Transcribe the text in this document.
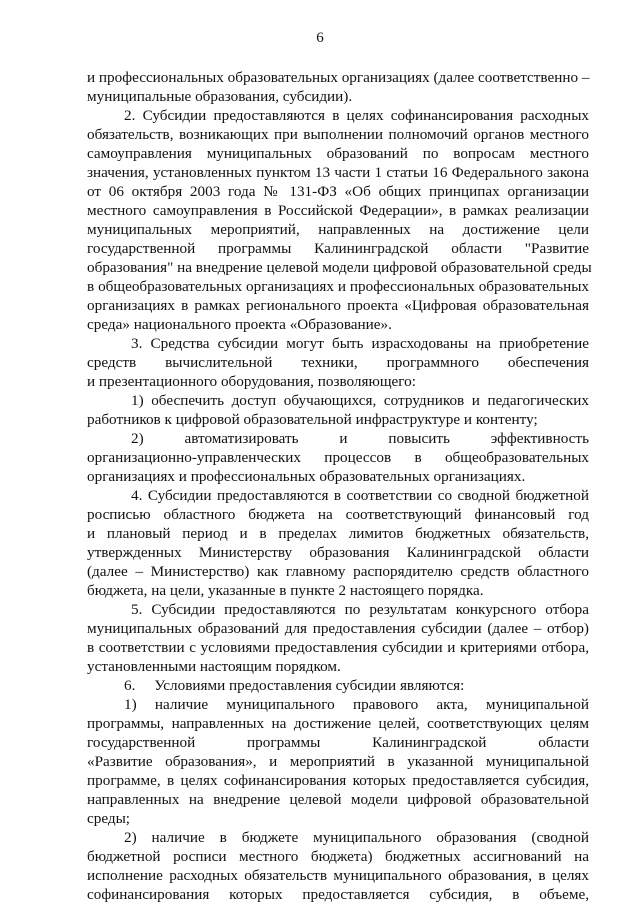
6
и профессиональных образовательных организациях (далее соответственно –
муниципальные образования, субсидии).
2. Субсидии предоставляются в целях софинансирования расходных
обязательств, возникающих при выполнении полномочий органов местного
самоуправления муниципальных образований по вопросам местного
значения, установленных пунктом 13 части 1 статьи 16 Федерального закона
от 06 октября 2003 года № 131-ФЗ «Об общих принципах организации
местного самоуправления в Российской Федерации», в рамках реализации
муниципальных мероприятий, направленных на достижение цели
государственной программы Калининградской области "Развитие
образования" на внедрение целевой модели цифровой образовательной среды
в общеобразовательных организациях и профессиональных образовательных
организациях в рамках регионального проекта «Цифровая образовательная
среда» национального проекта «Образование».
3. Средства субсидии могут быть израсходованы на приобретение
средств вычислительной техники, программного обеспечения
и презентационного оборудования, позволяющего:
1) обеспечить доступ обучающихся, сотрудников и педагогических
работников к цифровой образовательной инфраструктуре и контенту;
2) автоматизировать и повысить эффективность
организационно-управленческих процессов в общеобразовательных
организациях и профессиональных образовательных организациях.
4. Субсидии предоставляются в соответствии со сводной бюджетной
росписью областного бюджета на соответствующий финансовый год
и плановый период и в пределах лимитов бюджетных обязательств,
утвержденных Министерству образования Калининградской области
(далее – Министерство) как главному распорядителю средств областного
бюджета, на цели, указанные в пункте 2 настоящего порядка.
5. Субсидии предоставляются по результатам конкурсного отбора
муниципальных образований для предоставления субсидии (далее – отбор)
в соответствии с условиями предоставления субсидии и критериями отбора,
установленными настоящим порядком.
6.     Условиями предоставления субсидии являются:
1) наличие муниципального правового акта, муниципальной
программы, направленных на достижение целей, соответствующих целям
государственной программы Калининградской области
«Развитие образования», и мероприятий в указанной муниципальной
программе, в целях софинансирования которых предоставляется субсидия,
направленных на внедрение целевой модели цифровой образовательной
среды;
2) наличие в бюджете муниципального образования (сводной
бюджетной росписи местного бюджета) бюджетных ассигнований на
исполнение расходных обязательств муниципального образования, в целях
софинансирования которых предоставляется субсидия, в объеме,
